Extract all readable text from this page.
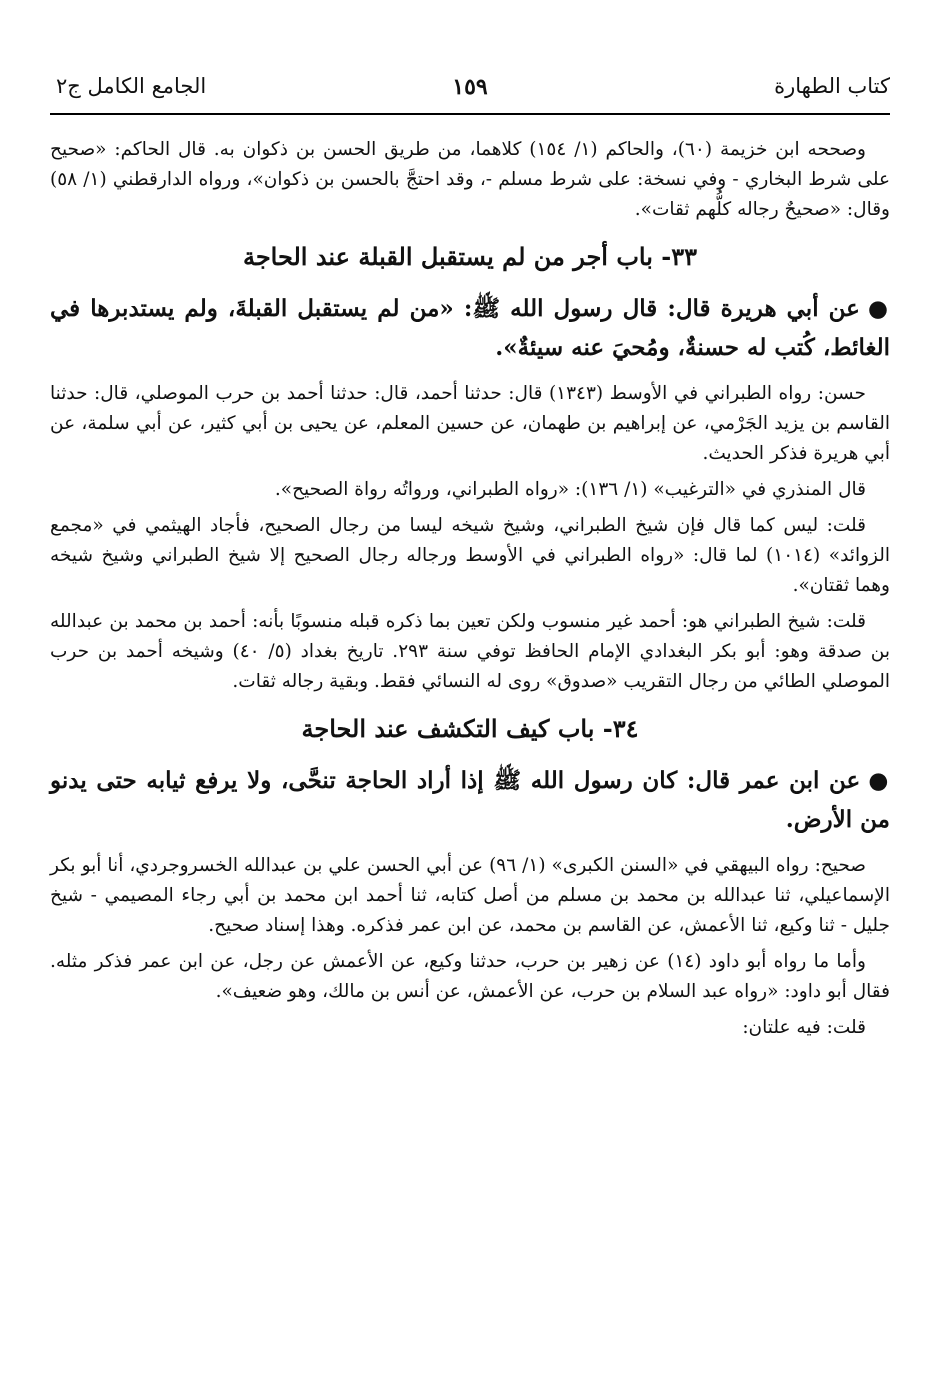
كتاب الطهارة
١٥٩
الجامع الكامل ج٢

وصححه ابن خزيمة (٦٠)، والحاكم (١/ ١٥٤) كلاهما، من طريق الحسن بن ذكوان به. قال الحاكم: «صحيح على شرط البخاري - وفي نسخة: على شرط مسلم -، وقد احتجَّ بالحسن بن ذكوان»، ورواه الدارقطني (١/ ٥٨) وقال: «صحيحٌ رجاله كلُّهم ثقات».

٣٣- باب أجر من لم يستقبل القبلة عند الحاجة

●عن أبي هريرة قال: قال رسول الله ﷺ: «من لم يستقبل القبلةَ، ولم يستدبرها في الغائط، كُتب له حسنةٌ، ومُحيَ عنه سيئةٌ».

حسن: رواه الطبراني في الأوسط (١٣٤٣) قال: حدثنا أحمد، قال: حدثنا أحمد بن حرب الموصلي، قال: حدثنا القاسم بن يزيد الجَرْمي، عن إبراهيم بن طهمان، عن حسين المعلم، عن يحيى بن أبي كثير، عن أبي سلمة، عن أبي هريرة فذكر الحديث.

قال المنذري في «الترغيب» (١/ ١٣٦): «رواه الطبراني، ورواتُه رواة الصحيح».

قلت: ليس كما قال فإن شيخ الطبراني، وشيخ شيخه ليسا من رجال الصحيح، فأجاد الهيثمي في «مجمع الزوائد» (١٠١٤) لما قال: «رواه الطبراني في الأوسط ورجاله رجال الصحيح إلا شيخ الطبراني وشيخ شيخه وهما ثقتان».

قلت: شيخ الطبراني هو: أحمد غير منسوب ولكن تعين بما ذكره قبله منسوبًا بأنه: أحمد بن محمد بن عبدالله بن صدقة وهو: أبو بكر البغدادي الإمام الحافظ توفي سنة ٢٩٣. تاريخ بغداد (٥/ ٤٠) وشيخه أحمد بن حرب الموصلي الطائي من رجال التقريب «صدوق» روى له النسائي فقط. وبقية رجاله ثقات.

٣٤- باب كيف التكشف عند الحاجة

●عن ابن عمر قال: كان رسول الله ﷺ إذا أراد الحاجة تنحَّى، ولا يرفع ثيابه حتى يدنو من الأرض.

صحيح: رواه البيهقي في «السنن الكبرى» (١/ ٩٦) عن أبي الحسن علي بن عبدالله الخسروجردي، أنا أبو بكر الإسماعيلي، ثنا عبدالله بن محمد بن مسلم من أصل كتابه، ثنا أحمد ابن محمد بن أبي رجاء المصيمي - شيخ جليل - ثنا وكيع، ثنا الأعمش، عن القاسم بن محمد، عن ابن عمر فذكره. وهذا إسناد صحيح.

وأما ما رواه أبو داود (١٤) عن زهير بن حرب، حدثنا وكيع، عن الأعمش عن رجل، عن ابن عمر فذكر مثله. فقال أبو داود: «رواه عبد السلام بن حرب، عن الأعمش، عن أنس بن مالك، وهو ضعيف».

قلت: فيه علتان:
